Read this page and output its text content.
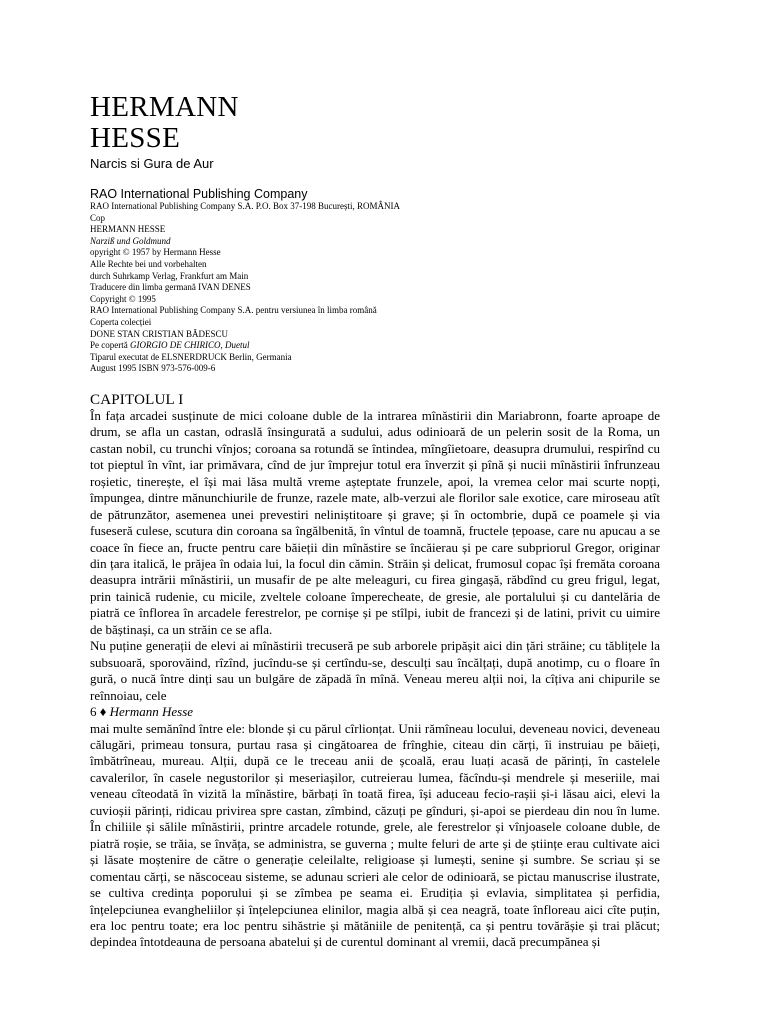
HERMANN
HESSE
Narcis si Gura de Aur
RAO International Publishing Company
RAO International Publishing Company S.A. P.O. Box 37-198 București, ROMÂNIA
Cop
HERMANN HESSE
Narziß und Goldmund
opyright © 1957 by Hermann Hesse
Alle Rechte bei und vorbehalten
durch Suhrkamp Verlag, Frankfurt am Main
Traducere din limba germană IVAN DENES
Copyright © 1995
RAO International Publishing Company S.A. pentru versiunea în limba română
Coperta colecției
DONE STAN CRISTIAN BĂDESCU
Pe copertă GIORGIO DE CHIRICO, Duetul
Tiparul executat de ELSNERDRUCK Berlin, Germania
August 1995 ISBN 973-576-009-6
CAPITOLUL I

În fața arcadei susținute de mici coloane duble de la intrarea mînăstirii din Mariabronn, foarte aproape de drum, se afla un castan, odraslă însingurată a sudului, adus odinioară de un pelerin sosit de la Roma, un castan nobil, cu trunchi vînjos; coroana sa rotundă se întindea, mîngîietoare, deasupra drumului, respirînd cu tot pieptul în vînt, iar primăvara, cînd de jur împrejur totul era înverzit și pînă și nucii mînăstirii înfrunzeau roșietic, tinerește, el își mai lăsa multă vreme așteptate frunzele, apoi, la vremea celor mai scurte nopți, împungea, dintre mănunchiurile de frunze, razele mate, alb-verzui ale florilor sale exotice, care miroseau atît de pătrunzător, asemenea unei prevestiri neliniștitoare și grave; și în octombrie, după ce poamele și via fuseseră culese, scutura din coroana sa îngălbenită, în vîntul de toamnă, fructele țepoase, care nu apucau a se coace în fiece an, fructe pentru care băieții din mînăstire se încăierau și pe care subpriorul Gregor, originar din țara italică, le prăjea în odaia lui, la focul din cămin. Străin și delicat, frumosul copac își fremăta coroana deasupra intrării mînăstirii, un musafir de pe alte meleaguri, cu firea gingașă, răbdînd cu greu frigul, legat, prin tainică rudenie, cu micile, zveltele coloane împerecheate, de gresie, ale portalului și cu dantelăria de piatră ce înflorea în arcadele ferestrelor, pe cornișe și pe stîlpi, iubit de francezi și de latini, privit cu uimire de băștinași, ca un străin ce se afla.

Nu puține generații de elevi ai mînăstirii trecuseră pe sub arborele pripășit aici din țări străine; cu tăblițele la subsuoară, sporovăind, rîzînd, jucîndu-se și certîndu-se, desculți sau încălțați, după anotimp, cu o floare în gură, o nucă între dinți sau un bulgăre de zăpadă în mînă. Veneau mereu alții noi, la cîțiva ani chipurile se reînnoiau, cele

6 ♦ Hermann Hesse

mai multe semănînd între ele: blonde și cu părul cîrlionțat. Unii rămîneau locului, deveneau novici, deveneau călugări, primeau tonsura, purtau rasa și cingătoarea de frînghie, citeau din cărți, îi instruiau pe băieți, îmbătrîneau, mureau. Alții, după ce le treceau anii de școală, erau luați acasă de părinți, în castelele cavalerilor, în casele negustorilor și meseriașilor, cutreierau lumea, făcîndu-și mendrele și meseriile, mai veneau cîteodată în vizită la mînăstire, bărbați în toată firea, își aduceau fecio-rașii și-i lăsau aici, elevi la cuvioșii părinți, ridicau privirea spre castan, zîmbind, căzuți pe gînduri, și-apoi se pierdeau din nou în lume. În chiliile și sălile mînăstirii, printre arcadele rotunde, grele, ale ferestrelor și vînjoasele coloane duble, de piatră roșie, se trăia, se învăța, se administra, se guverna ; multe feluri de arte și de științe erau cultivate aici și lăsate moștenire de către o generație celeilalte, religioase și lumești, senine și sumbre. Se scriau și se comentau cărți, se născoceau sisteme, se adunau scrieri ale celor de odinioară, se pictau manuscrise ilustrate, se cultiva credința poporului și se zîmbea pe seama ei. Erudiția și evlavia, simplitatea și perfidia, înțelepciunea evangheliilor și înțelepciunea elinilor, magia albă și cea neagră, toate înfloreau aici cîte puțin, era loc pentru toate; era loc pentru sihăstrie și mătăniile de penitență, ca și pentru tovărășie și trai plăcut; depindea întotdeauna de persoana abatelui și de curentul dominant al vremii, dacă precumpănea și
